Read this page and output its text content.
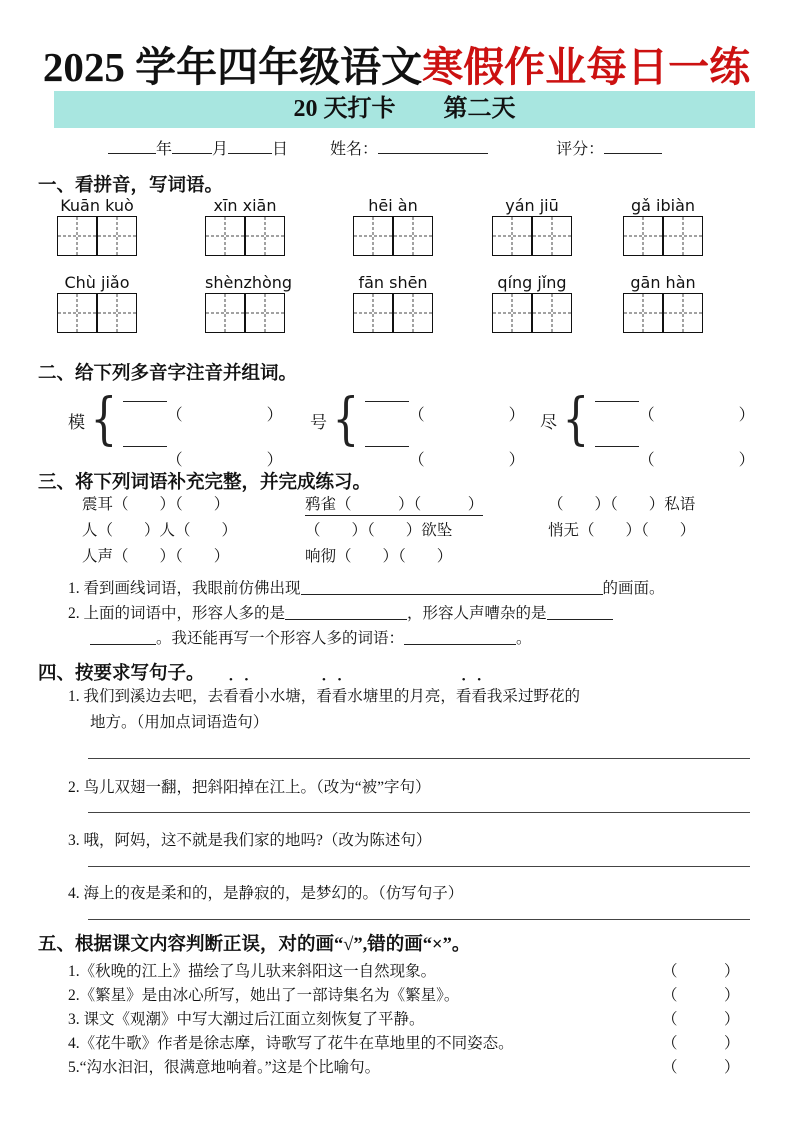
2025 学年四年级语文寒假作业每日一练
20 天打卡　　第二天
年	月	日	姓名：	评分：
一、看拼音，写词语。
Kuān kuò	xīn xiān	hēi àn	yán jiū	gǎ ibiàn
Chù jiǎo	shènzhòng	fān shēn	qíng jǐng	gān hàn
二、给下列多音字注音并组词。
模 {	（	）
（	）
号 {	（	）
（	）
尽 {	（	）
（	）
三、将下列词语补充完整，并完成练习。
震耳（　　）（　　）	鸦雀（　　　）（　　　）	（　　）（　　）私语
人（　　）人（　　）	（　　）（　　）欲坠	悄无（　　）（　　）
人声（　　）（　　）	响彻（　　）（　　）
1. 看到画线词语，我眼前仿佛出现	的画面。
2. 上面的词语中，形容人多的是	，形容人声嘈杂的是
。我还能再写一个形容人多的词语：	。
四、按要求写句子。
1. 我们到溪边去吧，去看看小水塘，看看水塘里的月亮，看看我采过野花的
地方。（用加点词语造句）
2. 鸟儿双翅一翻，把斜阳掉在江上。（改为“被”字句）
3. 哦，阿妈，这不就是我们家的地吗?（改为陈述句）
4. 海上的夜是柔和的，是静寂的，是梦幻的。（仿写句子）
五、根据课文内容判断正误，对的画“√”,错的画“×”。
1.《秋晚的江上》描绘了鸟儿驮来斜阳这一自然现象。	（　　　）
2.《繁星》是由冰心所写，她出了一部诗集名为《繁星》。	（　　　）
3. 课文《观潮》中写大潮过后江面立刻恢复了平静。	（　　　）
4.《花牛歌》作者是徐志摩，诗歌写了花牛在草地里的不同姿态。	（　　　）
5.“沟水汩汩，很满意地响着。”这是个比喻句。	（　　　）
